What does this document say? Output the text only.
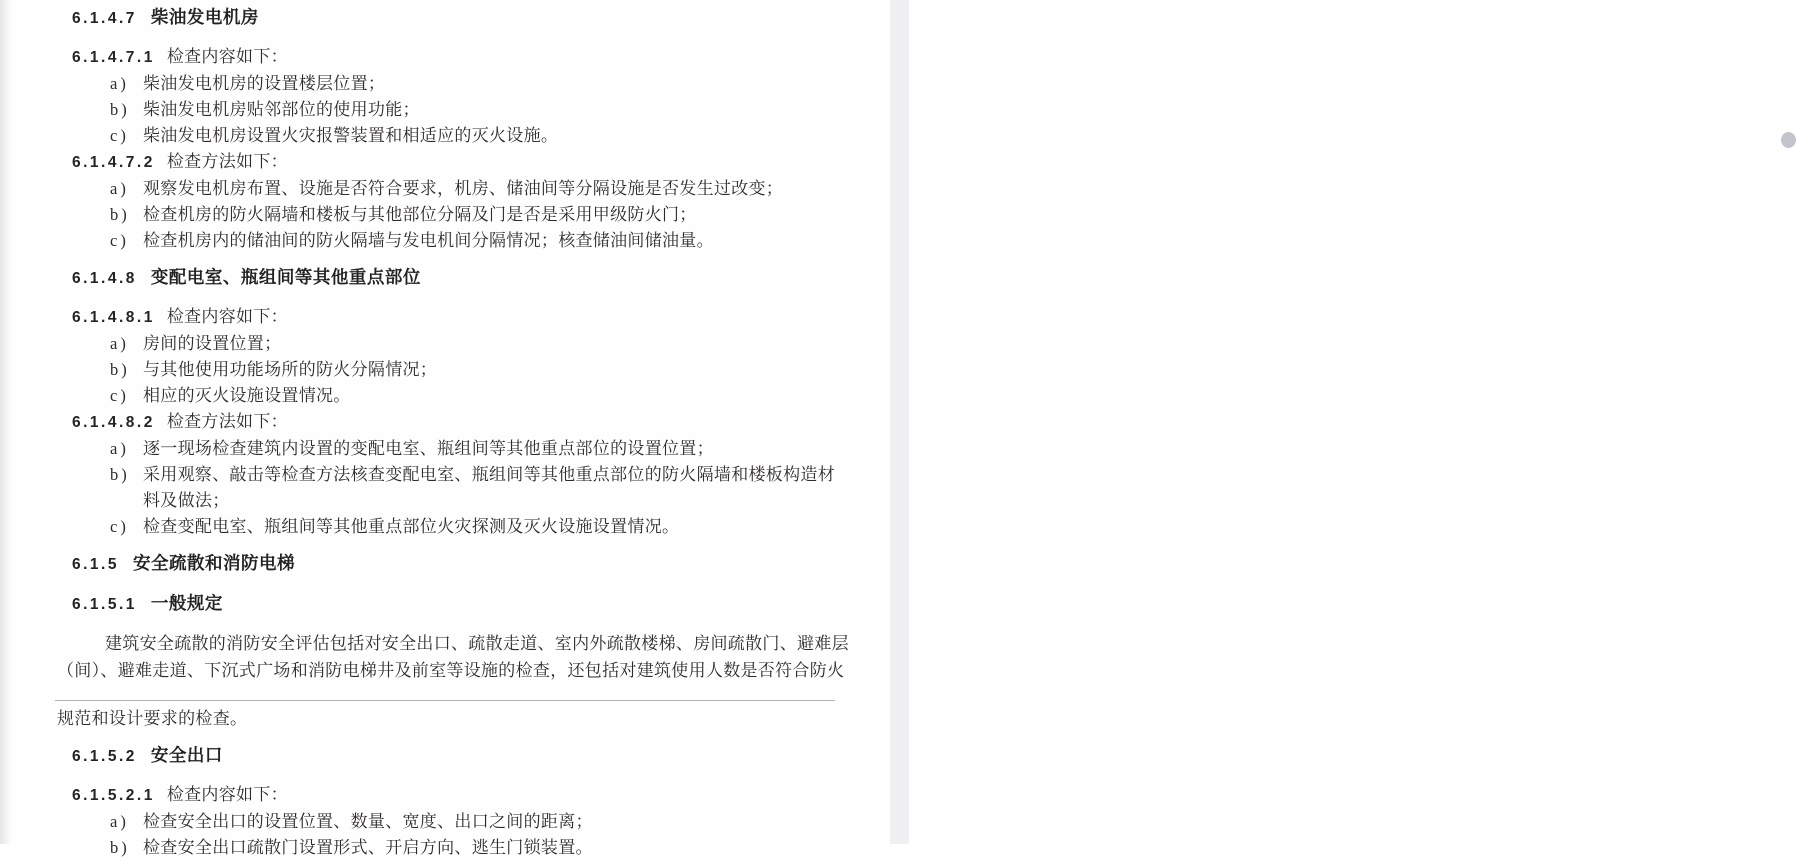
6.1.4.7 柴油发电机房
6.1.4.7.1 检查内容如下：
a) 柴油发电机房的设置楼层位置；
b) 柴油发电机房贴邻部位的使用功能；
c) 柴油发电机房设置火灾报警装置和相适应的灭火设施。
6.1.4.7.2 检查方法如下：
a) 观察发电机房布置、设施是否符合要求，机房、储油间等分隔设施是否发生过改变；
b) 检查机房的防火隔墙和楼板与其他部位分隔及门是否是采用甲级防火门；
c) 检查机房内的储油间的防火隔墙与发电机间分隔情况；核查储油间储油量。
6.1.4.8 变配电室、瓶组间等其他重点部位
6.1.4.8.1 检查内容如下：
a) 房间的设置位置；
b) 与其他使用功能场所的防火分隔情况；
c) 相应的灭火设施设置情况。
6.1.4.8.2 检查方法如下：
a) 逐一现场检查建筑内设置的变配电室、瓶组间等其他重点部位的设置位置；
b) 采用观察、敲击等检查方法核查变配电室、瓶组间等其他重点部位的防火隔墙和楼板构造材
料及做法；
c) 检查变配电室、瓶组间等其他重点部位火灾探测及灭火设施设置情况。
6.1.5 安全疏散和消防电梯
6.1.5.1 一般规定
建筑安全疏散的消防安全评估包括对安全出口、疏散走道、室内外疏散楼梯、房间疏散门、避难层
（间）、避难走道、下沉式广场和消防电梯井及前室等设施的检查，还包括对建筑使用人数是否符合防火
规范和设计要求的检查。
6.1.5.2 安全出口
6.1.5.2.1 检查内容如下：
a) 检查安全出口的设置位置、数量、宽度、出口之间的距离；
b) 检查安全出口疏散门设置形式、开启方向、逃生门锁装置。
